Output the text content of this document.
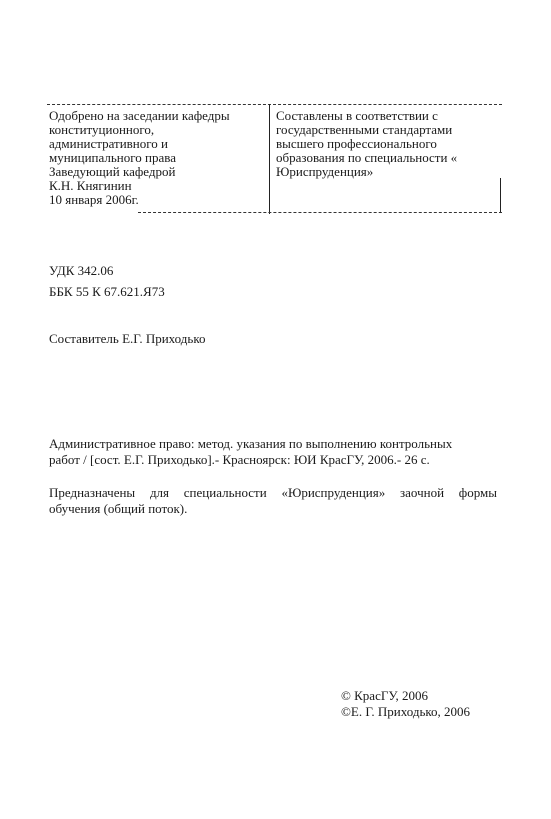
Одобрено на заседании кафедры
конституционного,
административного и
муниципального права
Заведующий кафедрой
К.Н. Княгинин
10 января 2006г.
Составлены в соответствии с
государственными стандартами
высшего профессионального
образования по специальности «
Юриспруденция»
УДК 342.06
ББК 55 К 67.621.Я73
Составитель Е.Г. Приходько
Административное право: метод. указания по выполнению контрольных
работ / [сост. Е.Г. Приходько].- Красноярск: ЮИ КрасГУ, 2006.- 26 с.
Предназначены для специальности «Юриспруденция» заочной формы
обучения (общий поток).
© КрасГУ, 2006
©Е. Г. Приходько, 2006
